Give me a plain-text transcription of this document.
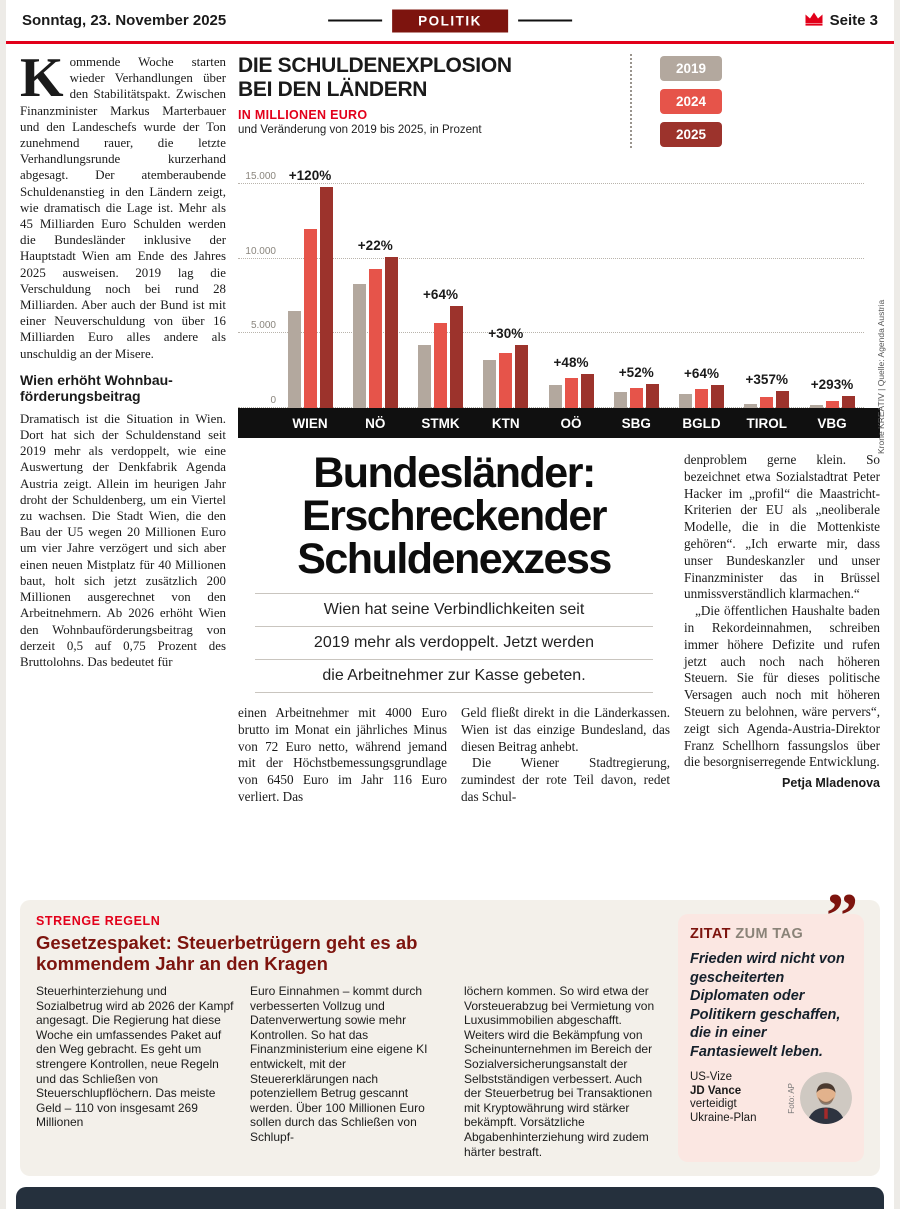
Sonntag, 23. November 2025	POLITIK	Seite 3

Kommende Woche starten wieder Verhandlungen über den Stabilitätspakt. Zwischen Finanzminister Markus Marterbauer und den Landeschefs wurde der Ton zunehmend rauer, die letzte Verhandlungsrunde kurzerhand abgesagt. Der atemberaubende Schuldenanstieg in den Ländern zeigt, wie dramatisch die Lage ist. Mehr als 45 Milliarden Euro Schulden werden die Bundesländer inklusive der Hauptstadt Wien am Ende des Jahres 2025 ausweisen. 2019 lag die Verschuldung noch bei rund 28 Milliarden. Aber auch der Bund ist mit einer Neuverschuldung von über 16 Milliarden Euro alles andere als unschuldig an der Misere.

Wien erhöht Wohnbauförderungsbeitrag

Dramatisch ist die Situation in Wien. Dort hat sich der Schuldenstand seit 2019 mehr als verdoppelt, wie eine Auswertung der Denkfabrik Agenda Austria zeigt. Allein im heurigen Jahr droht der Schuldenberg, um ein Viertel zu wachsen. Die Stadt Wien, die den Bau der U5 wegen 20 Millionen Euro um vier Jahre verzögert und sich aber einen neuen Mistplatz für 40 Millionen baut, holt sich jetzt zusätzlich 200 Millionen ausgerechnet von den Arbeitnehmern. Ab 2026 erhöht Wien den Wohnbauförderungsbeitrag von derzeit 0,5 auf 0,75 Prozent des Bruttolohns. Das bedeutet für

DIE SCHULDENEXPLOSION
BEI DEN LÄNDERN
IN MILLIONEN EURO
und Veränderung von 2019 bis 2025, in Prozent
2019
2024
2025
Krone KREATIV | Quelle: Agenda Austria
0
5.000
10.000
15.000 +120%
+22%
+64%
+30%
+48%
+52% +64% +357% +293%
WIEN	NÖ	STMK	KTN	OÖ	SBG	BGLD	TIROL	VBG
Bundesländer:
Erschreckender
Schuldenexzess
Wien hat seine Verbindlichkeiten seit
2019 mehr als verdoppelt. Jetzt werden
die Arbeitnehmer zur Kasse gebeten.

einen Arbeitnehmer mit 4000 Euro brutto im Monat ein jährliches Minus von 72 Euro netto, während jemand mit der Höchstbemessungsgrundlage von 6450 Euro im Jahr 116 Euro verliert. Das

Geld fließt direkt in die Länderkassen. Wien ist das einzige Bundesland, das diesen Beitrag anhebt.

Die Wiener Stadtregierung, zumindest der rote Teil davon, redet das Schul-

denproblem gerne klein. So bezeichnet etwa Sozialstadtrat Peter Hacker im „profil“ die Maastricht-Kriterien der EU als „neoliberale Modelle, die in die Mottenkiste gehören“. „Ich erwarte mir, dass unser Bundeskanzler und unser Finanzminister das in Brüssel unmissverständlich klarmachen.“

„Die öffentlichen Haushalte baden in Rekordeinnahmen, schreiben immer höhere Defizite und rufen jetzt auch noch nach höheren Steuern. Sie für dieses politische Versagen auch noch mit höheren Steuern zu belohnen, wäre pervers“, zeigt sich Agenda-Austria-Direktor Franz Schellhorn fassungslos über die besorgniserregende Entwicklung.

Petja Mladenova
STRENGE REGELN
Gesetzespaket: Steuerbetrügern geht es ab kommendem Jahr an den Kragen
Steuerhinterziehung und Sozialbetrug wird ab 2026 der Kampf angesagt. Die Regierung hat diese Woche ein umfassendes Paket auf den Weg gebracht. Es geht um strengere Kontrollen, neue Regeln und das Schließen von Steuerschlupflöchern. Das meiste Geld – 110 von insgesamt 269 Millionen
Euro Einnahmen – kommt durch verbesserten Vollzug und Datenverwertung sowie mehr Kontrollen. So hat das Finanzministerium eine eigene KI entwickelt, mit der Steuererklärungen nach potenziellem Betrug gescannt werden. Über 100 Millionen Euro sollen durch das Schließen von Schlupf-
löchern kommen. So wird etwa der Vorsteuerabzug bei Vermietung von Luxusimmobilien abgeschafft. Weiters wird die Bekämpfung von Scheinunternehmen im Bereich der Sozialversicherungsanstalt der Selbstständigen verbessert. Auch der Steuerbetrug bei Transaktionen mit Kryptowährung wird stärker bekämpft. Vorsätzliche Abgabenhinterziehung wird zudem härter bestraft.
”
ZITAT ZUM TAG
Frieden wird nicht von gescheiterten Diplomaten oder Politikern geschaffen, die in einer Fantasiewelt leben.
US-Vize
JD Vance
verteidigt Ukraine-Plan
Foto: AP
